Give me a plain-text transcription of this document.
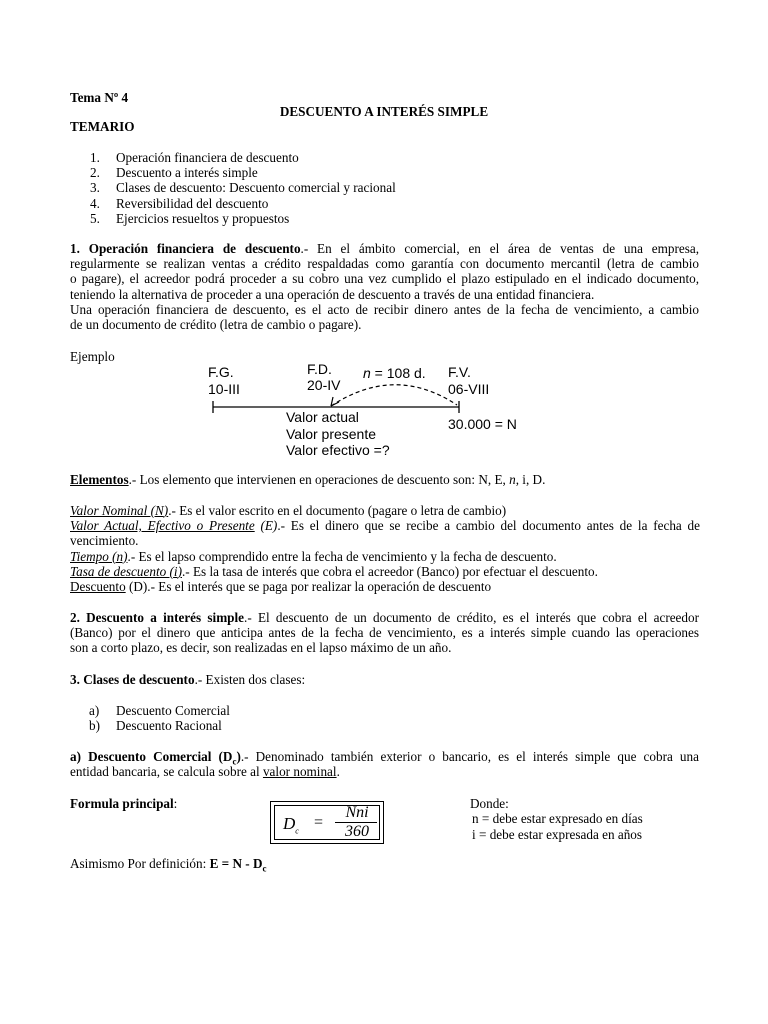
Tema Nº 4
DESCUENTO A INTERÉS SIMPLE
TEMARIO
1. Operación financiera de descuento
2. Descuento a interés simple
3. Clases de descuento: Descuento comercial y racional
4. Reversibilidad del descuento
5. Ejercicios resueltos y propuestos
1. Operación financiera de descuento.- En el ámbito comercial, en el área de ventas de una empresa,
regularmente se realizan ventas a crédito respaldadas como garantía con documento mercantil (letra de cambio
o pagare), el acreedor podrá proceder a su cobro una vez cumplido el plazo estipulado en el indicado documento,
teniendo la alternativa de proceder a una operación de descuento a través de una entidad financiera.
Una operación financiera de descuento, es el acto de recibir dinero antes de la fecha de vencimiento, a cambio
de un documento de crédito (letra de cambio o pagare).
Ejemplo
F.G.
10-III
F.D.
20-IV
n = 108 d. F.V.
06-VIII
Valor actual
Valor presente
Valor efectivo =?
30.000 = N
Elementos.- Los elemento que intervienen en operaciones de descuento son: N, E, n, i, D.
Valor Nominal (N).- Es el valor escrito en el documento (pagare o letra de cambio)
Valor Actual, Efectivo o Presente (E).- Es el dinero que se recibe a cambio del documento antes de la fecha de
vencimiento.
Tiempo (n).- Es el lapso comprendido entre la fecha de vencimiento y la fecha de descuento.
Tasa de descuento (i).- Es la tasa de interés que cobra el acreedor (Banco) por efectuar el descuento.
Descuento (D).- Es el interés que se paga por realizar la operación de descuento
2. Descuento a interés simple.- El descuento de un documento de crédito, es el interés que cobra el acreedor
(Banco) por el dinero que anticipa antes de la fecha de vencimiento, es a interés simple cuando las operaciones
son a corto plazo, es decir, son realizadas en el lapso máximo de un año.
3. Clases de descuento.- Existen dos clases:
a) Descuento Comercial
b) Descuento Racional
a) Descuento Comercial $(D_c).-$ Denominado también exterior o bancario, es el interés simple que cobra una
entidad bancaria, se calcula sobre al valor nominal.
Formula principal:
$D_c$ =
Nni
360
Donde:
n = debe estar expresado en días
i = debe estar expresada en años
Asimismo Por definición: $E = N - D_c$
